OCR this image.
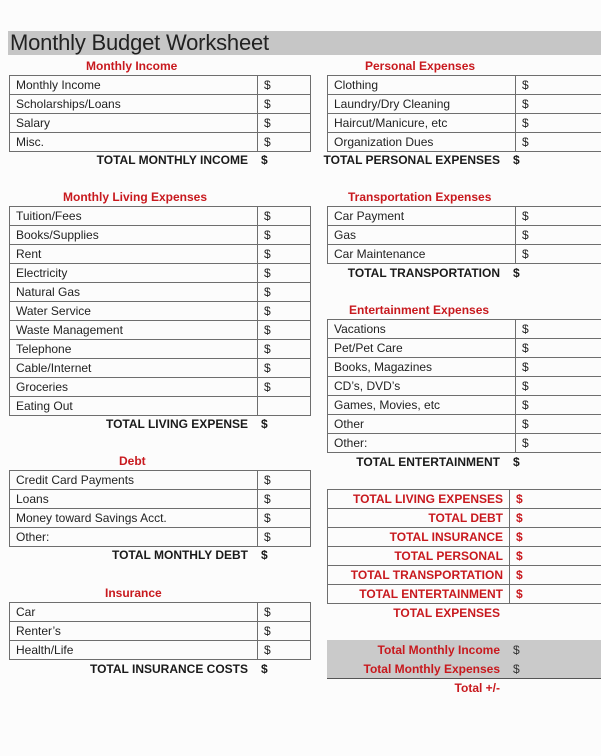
Monthly Budget Worksheet
Monthly Income
Monthly Income	$
Scholarships/Loans	$
Salary	$
Misc.	$
TOTAL MONTHLY INCOME $
Personal Expenses
Clothing	$
Laundry/Dry Cleaning	$
Haircut/Manicure, etc	$
Organization Dues	$
TOTAL PERSONAL EXPENSES $
Monthly Living Expenses
Tuition/Fees	$
Books/Supplies	$
Rent	$
Electricity	$
Natural Gas	$
Water Service	$
Waste Management	$
Telephone	$
Cable/Internet	$
Groceries	$
Eating Out	
TOTAL LIVING EXPENSE $
Transportation Expenses
Car Payment	$
Gas	$
Car Maintenance	$
TOTAL TRANSPORTATION $
Entertainment Expenses
Vacations	$
Pet/Pet Care	$
Books, Magazines	$
CD’s, DVD’s	$
Games, Movies, etc	$
Other	$
Other:	$
TOTAL ENTERTAINMENT $
Debt
Credit Card Payments	$
Loans	$
Money toward Savings Acct.	$
Other:	$
TOTAL MONTHLY DEBT $
Insurance
Car	$
Renter’s	$
Health/Life	$
TOTAL INSURANCE COSTS $
TOTAL LIVING EXPENSES	$
TOTAL DEBT	$
TOTAL INSURANCE	$
TOTAL PERSONAL	$
TOTAL TRANSPORTATION	$
TOTAL ENTERTAINMENT	$
TOTAL EXPENSES
Total Monthly Income $
Total Monthly Expenses $
Total +/-
